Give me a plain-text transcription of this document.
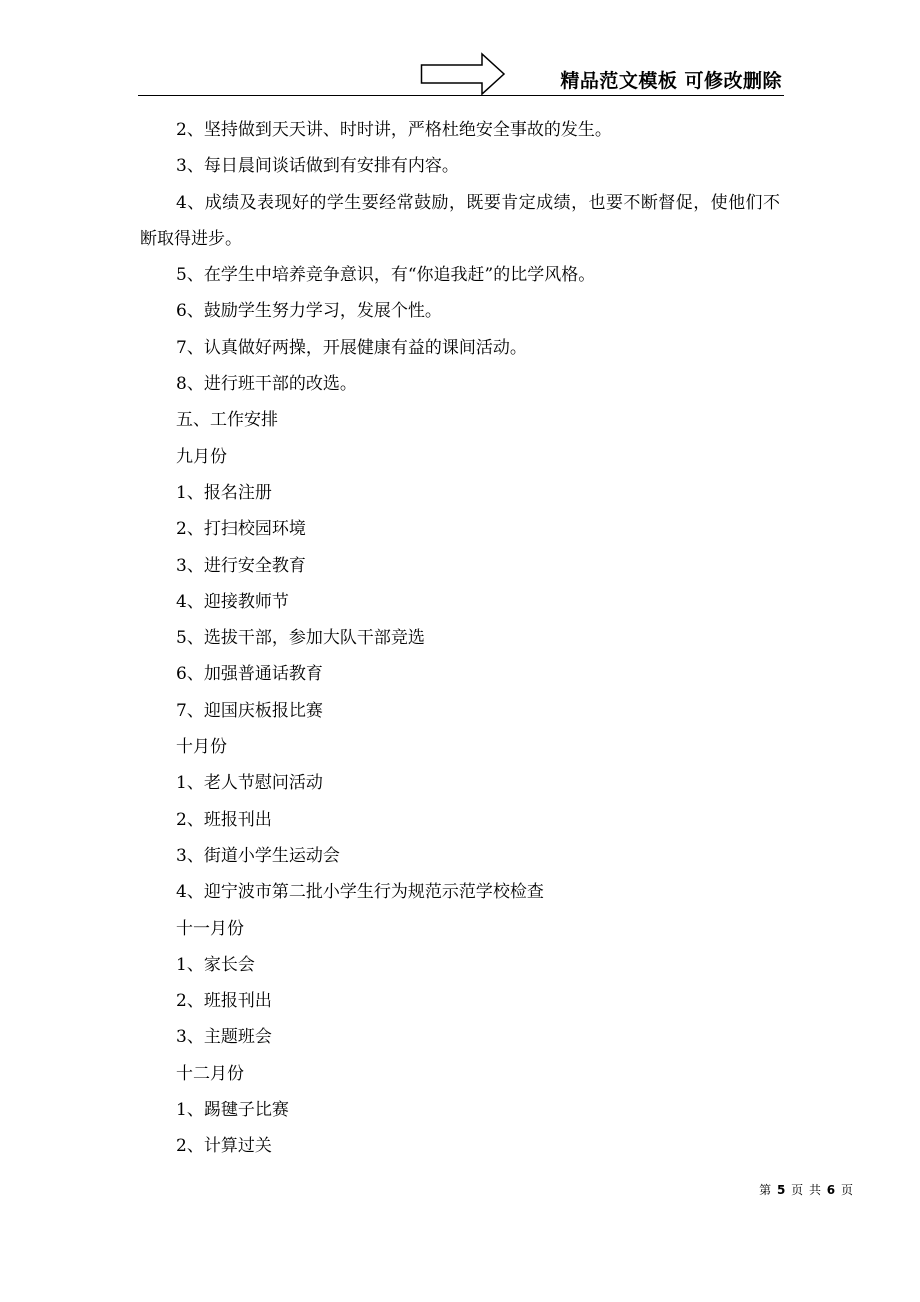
精品范文模板 可修改删除

2、坚持做到天天讲、时时讲，严格杜绝安全事故的发生。

3、每日晨间谈话做到有安排有内容。

4、成绩及表现好的学生要经常鼓励，既要肯定成绩，也要不断督促，使他们不断取得进步。

5、在学生中培养竞争意识，有“你追我赶”的比学风格。

6、鼓励学生努力学习，发展个性。

7、认真做好两操，开展健康有益的课间活动。

8、进行班干部的改选。

五、工作安排

九月份

1、报名注册

2、打扫校园环境

3、进行安全教育

4、迎接教师节

5、选拔干部，参加大队干部竞选

6、加强普通话教育

7、迎国庆板报比赛

十月份

1、老人节慰问活动

2、班报刊出

3、街道小学生运动会

4、迎宁波市第二批小学生行为规范示范学校检查

十一月份

1、家长会

2、班报刊出

3、主题班会

十二月份

1、踢毽子比赛

2、计算过关

第 5 页 共 6 页
